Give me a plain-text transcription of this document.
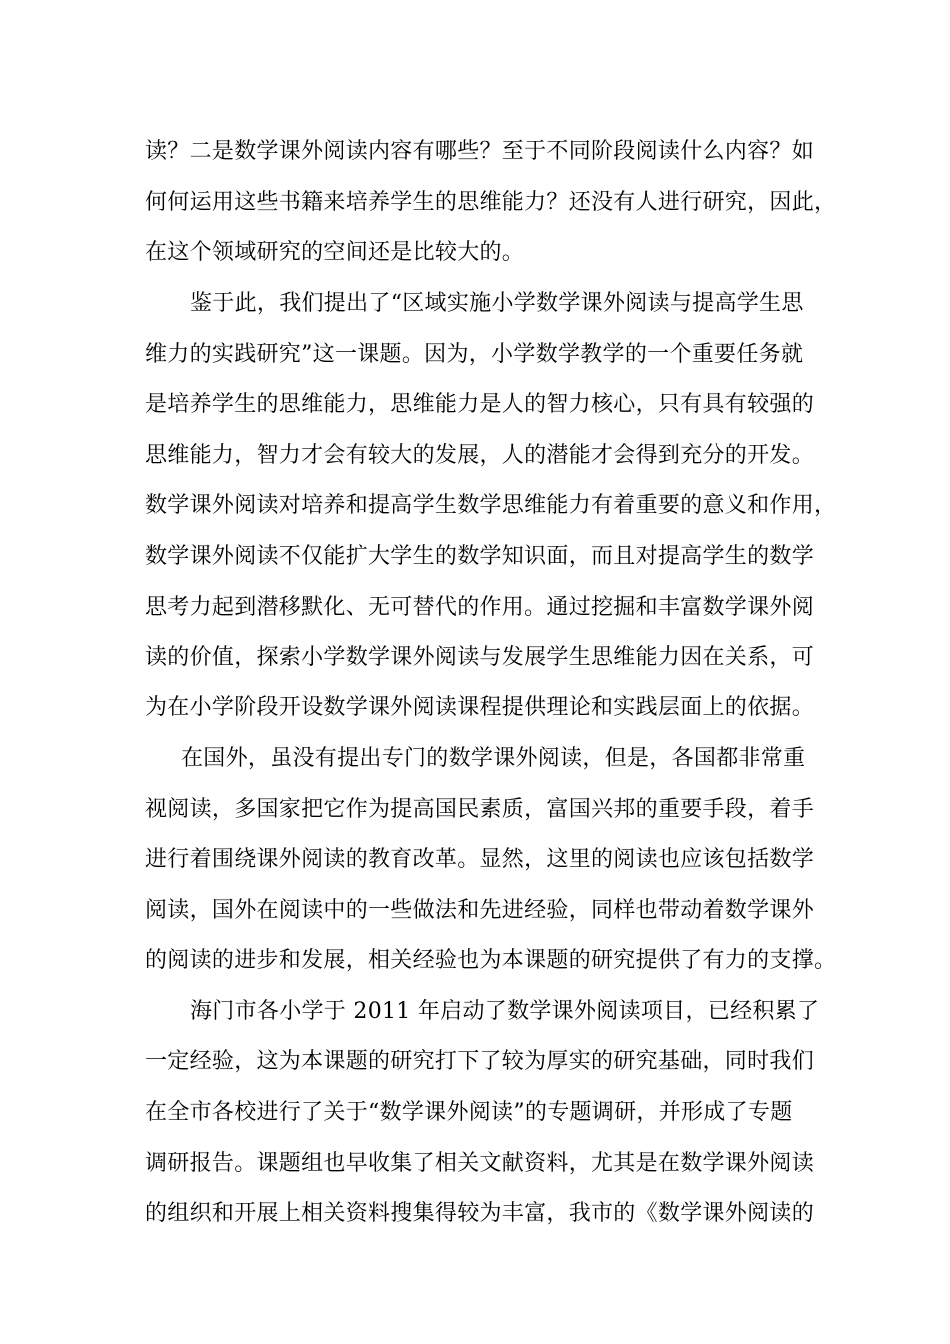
读？二是数学课外阅读内容有哪些？至于不同阶段阅读什么内容？如
何何运用这些书籍来培养学生的思维能力？还没有人进行研究，因此，
在这个领域研究的空间还是比较大的。
鉴于此，我们提出了“区域实施小学数学课外阅读与提高学生思
维力的实践研究”这一课题。因为，小学数学教学的一个重要任务就
是培养学生的思维能力，思维能力是人的智力核心，只有具有较强的
思维能力，智力才会有较大的发展，人的潜能才会得到充分的开发。
数学课外阅读对培养和提高学生数学思维能力有着重要的意义和作用，
数学课外阅读不仅能扩大学生的数学知识面，而且对提高学生的数学
思考力起到潜移默化、无可替代的作用。通过挖掘和丰富数学课外阅
读的价值，探索小学数学课外阅读与发展学生思维能力因在关系，可
为在小学阶段开设数学课外阅读课程提供理论和实践层面上的依据。
在国外，虽没有提出专门的数学课外阅读，但是，各国都非常重
视阅读，多国家把它作为提高国民素质，富国兴邦的重要手段，着手
进行着围绕课外阅读的教育改革。显然，这里的阅读也应该包括数学
阅读，国外在阅读中的一些做法和先进经验，同样也带动着数学课外
的阅读的进步和发展，相关经验也为本课题的研究提供了有力的支撑。
海门市各小学于 2011 年启动了数学课外阅读项目，已经积累了
一定经验，这为本课题的研究打下了较为厚实的研究基础，同时我们
在全市各校进行了关于“数学课外阅读”的专题调研，并形成了专题
调研报告。课题组也早收集了相关文献资料，尤其是在数学课外阅读
的组织和开展上相关资料搜集得较为丰富，我市的《数学课外阅读的
